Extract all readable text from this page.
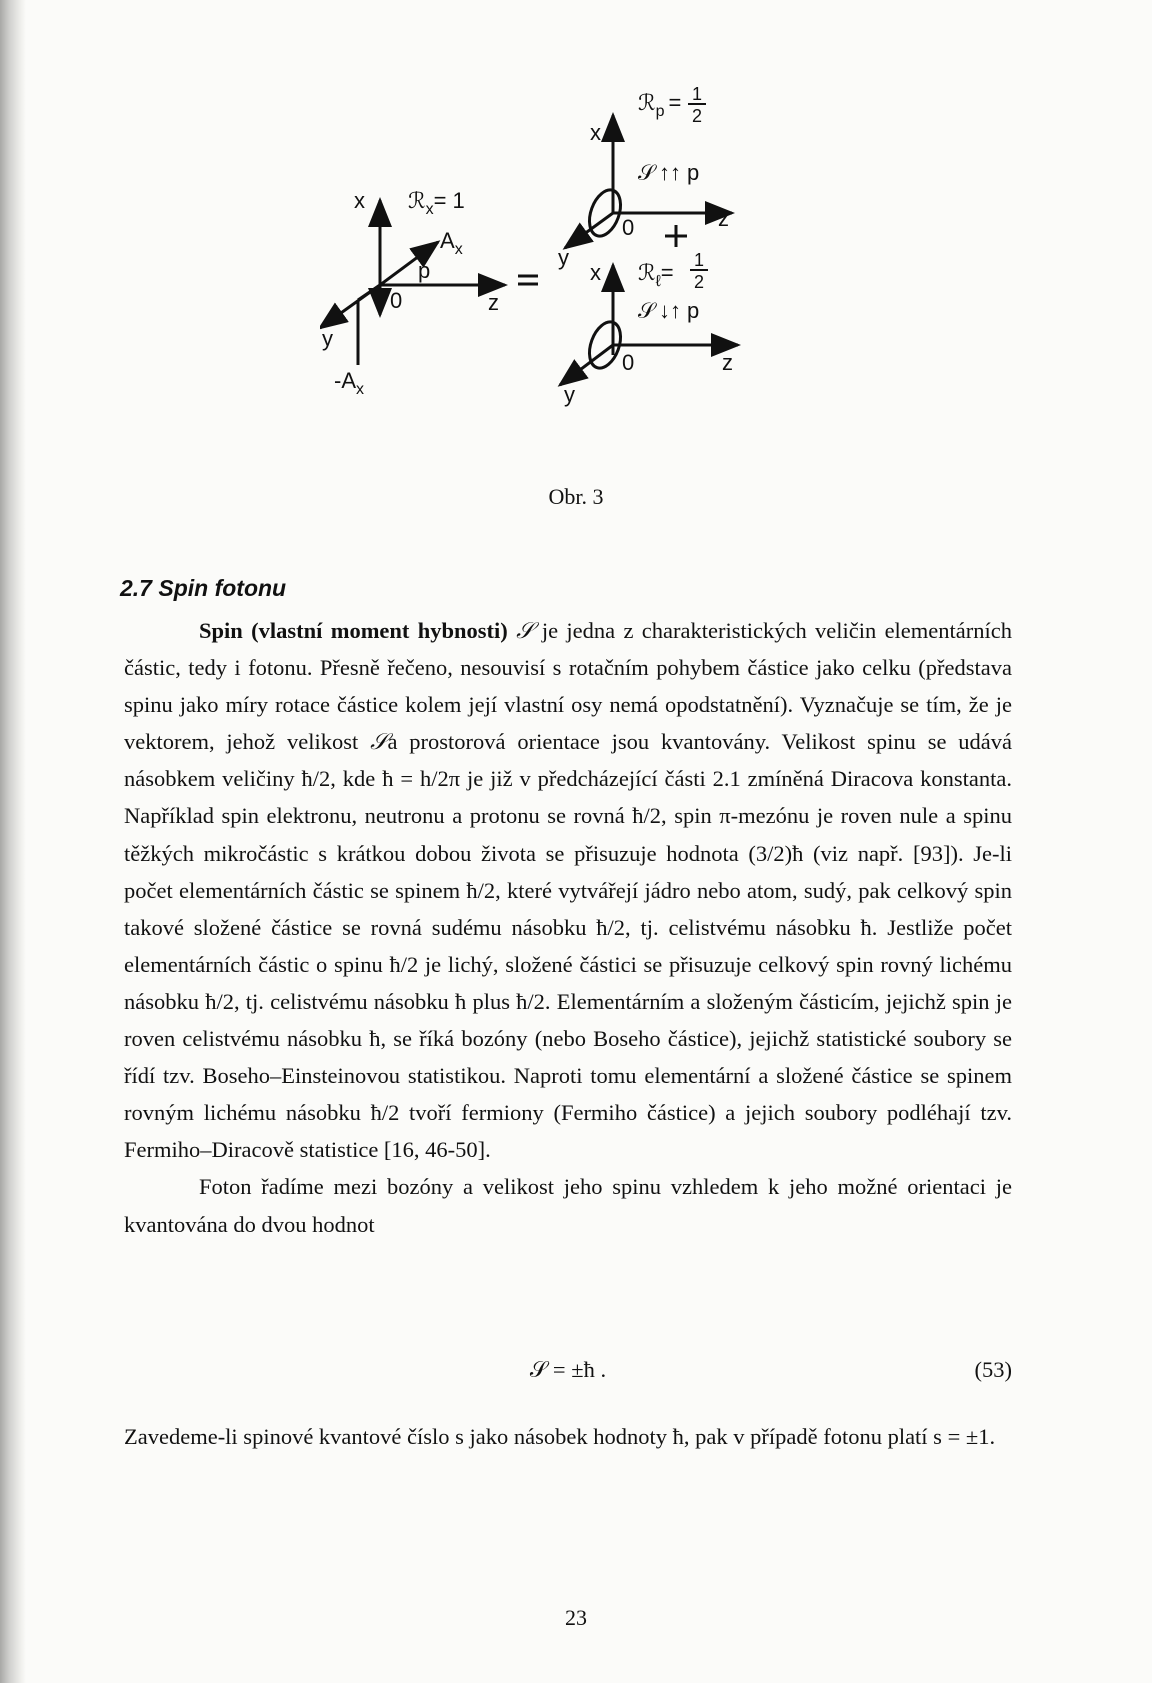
x
y
z
0
p
ℛ$_x$= 1
$A_x$
$-A_x$
x
y
z
0
ℛ$_p$ = 1
2
𝒮 ↑↑ p
x
y
z
0
ℛ$_\ell$= 1
2
𝒮 ↓↑ p
Obr. 3
2.7 Spin fotonu

Spin (vlastní moment hybnosti) 𝒮 je jedna z charakteristických veličin elementárních částic, tedy i fotonu. Přesně řečeno, nesouvisí s rotačním pohybem částice jako celku (představa spinu jako míry rotace částice kolem její vlastní osy nemá opodstatnění). Vyznačuje se tím, že je vektorem, jehož velikost 𝒮a prostorová orientace jsou kvantovány. Velikost spinu se udává násobkem veličiny ħ/2, kde ħ = h/2π je již v předcházející části 2.1 zmíněná Diracova konstanta. Například spin elektronu, neutronu a protonu se rovná ħ/2, spin π-mezónu je roven nule a spinu těžkých mikročástic s krátkou dobou života se přisuzuje hodnota (3/2)ħ (viz např. [93]). Je-li počet elementárních částic se spinem ħ/2, které vytvářejí jádro nebo atom, sudý, pak celkový spin takové složené částice se rovná sudému násobku ħ/2, tj. celistvému násobku ħ. Jestliže počet elementárních částic o spinu ħ/2 je lichý, složené částici se přisuzuje celkový spin rovný lichému násobku ħ/2, tj. celistvému násobku ħ plus ħ/2. Elementárním a složeným částicím, jejichž spin je roven celistvému násobku ħ, se říká bozóny (nebo Boseho částice), jejichž statistické soubory se řídí tzv. Boseho–Einsteinovou statistikou. Naproti tomu elementární a složené částice se spinem rovným lichému násobku ħ/2 tvoří fermiony (Fermiho částice) a jejich soubory podléhají tzv. Fermiho–Diracově statistice [16, 46-50].

Foton řadíme mezi bozóny a velikost jeho spinu vzhledem k jeho možné orientaci je kvantována do dvou hodnot

𝒮 = ±ħ .	(53)
Zavedeme-li spinové kvantové číslo s jako násobek hodnoty ħ, pak v případě fotonu platí s = ±1.
23
